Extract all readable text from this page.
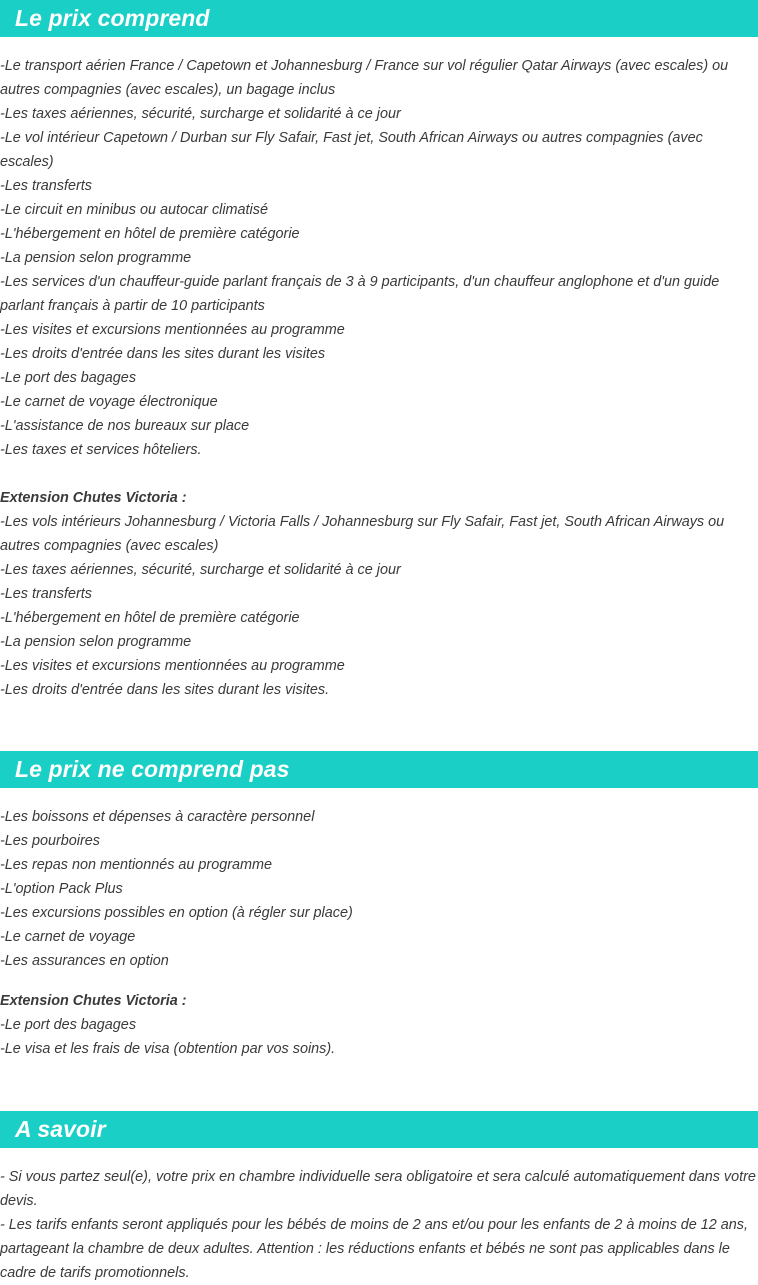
Le prix comprend
-Le transport aérien France / Capetown et Johannesburg / France sur vol régulier Qatar Airways (avec escales) ou autres compagnies (avec escales), un bagage inclus
-Les taxes aériennes, sécurité, surcharge et solidarité à ce jour
-Le vol intérieur Capetown / Durban sur Fly Safair, Fast jet, South African Airways ou autres compagnies (avec escales)
-Les transferts
-Le circuit en minibus ou autocar climatisé
-L'hébergement en hôtel de première catégorie
-La pension selon programme
-Les services d'un chauffeur-guide parlant français de 3 à 9 participants, d'un chauffeur anglophone et d'un guide parlant français à partir de 10 participants
-Les visites et excursions mentionnées au programme
-Les droits d'entrée dans les sites durant les visites
-Le port des bagages
-Le carnet de voyage électronique
-L'assistance de nos bureaux sur place
-Les taxes et services hôteliers.
Extension Chutes Victoria :
-Les vols intérieurs Johannesburg / Victoria Falls / Johannesburg sur Fly Safair, Fast jet, South African Airways ou autres compagnies (avec escales)
-Les taxes aériennes, sécurité, surcharge et solidarité à ce jour
-Les transferts
-L'hébergement en hôtel de première catégorie
-La pension selon programme
-Les visites et excursions mentionnées au programme
-Les droits d'entrée dans les sites durant les visites.
Le prix ne comprend pas
-Les boissons et dépenses à caractère personnel
-Les pourboires
-Les repas non mentionnés au programme
-L'option Pack Plus
-Les excursions possibles en option (à régler sur place)
-Le carnet de voyage
-Les assurances en option
Extension Chutes Victoria :
-Le port des bagages
-Le visa et les frais de visa (obtention par vos soins).
A savoir
- Si vous partez seul(e), votre prix en chambre individuelle sera obligatoire et sera calculé automatiquement dans votre devis.
- Les tarifs enfants seront appliqués pour les bébés de moins de 2 ans et/ou pour les enfants de 2 à moins de 12 ans, partageant la chambre de deux adultes. Attention : les réductions enfants et bébés ne sont pas applicables dans le cadre de tarifs promotionnels.
